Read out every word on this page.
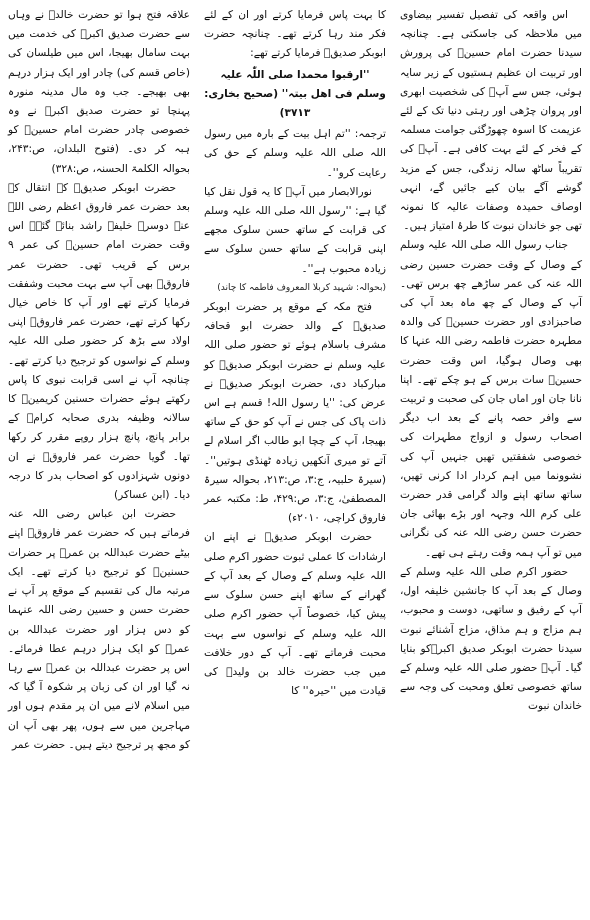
اس واقعہ کی تفصیل تفسیر بیضاوی میں ملاحظہ کی جاسکتی ہے۔ چنانچہ سیدنا حضرت امام حسینؓ کی پرورش اور تربیت ان عظیم ہستیوں کے زیر سایہ ہوئی، جس سے آپؓ کی شخصیت ابھری اور پروان چڑھی اور رہتی دنیا تک کے لئے عزیمت کا اسوہ چھوڑگئی جوامت مسلمہ کے فخر کے لئے بہت کافی ہے۔ آپؓ کی تقریباً ساٹھ سالہ زندگی، جس کے مزید گوشے آگے بیان کیے جائیں گے، انہی اوصاف حمیدہ وصفات عالیہ کا نمونہ تھی جو خاندان نبوت کا طرۂ امتیاز ہیں۔

جناب رسول اللہ صلی اللہ علیہ وسلم کے وصال کے وقت حضرت حسین رضی اللہ عنہ کی عمر ساڑھے چھ برس تھی۔ آپ کے وصال کے چھ ماہ بعد آپ کی صاحبزادی اور حضرت حسینؓ کی والدہ مطہرہ حضرت فاطمہ رضی اللہ عنہا کا بھی وصال ہوگیا، اس وقت حضرت حسینؓ سات برس کے ہو چکے تھے۔ اپنا نانا جان اور اماں جان کی صحبت و تربیت سے وافر حصہ پانے کے بعد اب دیگر اصحاب رسول و ازواج مطہرات کی خصوصی شفقتیں تھیں جنہیں آپ کی نشوونما میں اہم کردار ادا کرنی تھیں، ساتھ ساتھ اپنے والد گرامی قدر حضرت علی کرم اللہ وجہہ اور بڑے بھائی جان حضرت حسن رضی اللہ عنہ کی نگرانی میں تو آپ ہمہ وقت رہتے ہی تھے۔

حضور اکرم صلی اللہ علیہ وسلم کے وصال کے بعد آپ کا جانشین خلیفہ اول، آپ کے رفیق و ساتھی، دوست و محبوب، ہم مزاج و ہم مذاق، مزاج آشنائے نبوت سیدنا حضرت ابوبکر صدیق اکبرؓکو بنایا گیا۔ آپؓ حضور صلی اللہ علیہ وسلم کے ساتھ خصوصی تعلق ومحبت کی وجہ سے خاندان نبوت

کا بہت پاس فرمایا کرتے اور ان کے لئے فکر مند رہا کرتے تھے۔ چنانچہ حضرت ابوبکر صدیقؓ فرمایا کرتے تھے:

''ارقبوا محمدا صلی اللّٰہ علیہ وسلم فی اھل بیتہ'' (صحیح بخاری: ۳۷۱۳)

ترجمہ: ''تم اہل بیت کے بارہ میں رسول اللہ صلی اللہ علیہ وسلم کے حق کی رعایت کرو''۔

نورالابصار میں آپؓ کا یہ قول نقل کیا گیا ہے: ''رسول اللہ صلی اللہ علیہ وسلم کی قرابت کے ساتھ حسن سلوک مجھے اپنی قرابت کے ساتھ حسن سلوک سے زیادہ محبوب ہے''۔

(بحوالہ: شہید کربلا المعروف فاطمہ کا چاند)

فتح مکہ کے موقع پر حضرت ابوبکر صدیقؓ کے والد حضرت ابو قحافہ مشرف باسلام ہوئے تو حضور صلی اللہ علیہ وسلم نے حضرت ابوبکر صدیقؓ کو مبارکباد دی، حضرت ابوبکر صدیقؓ نے عرض کی: ''یا رسول اللہ! قسم ہے اس ذات پاک کی جس نے آپ کو حق کے ساتھ بھیجا، آپ کے چچا ابو طالب اگر اسلام لے آتے تو میری آنکھیں زیادہ ٹھنڈی ہوتیں''۔ (سیرۃ حلبیہ، ج:۳، ص:۲۱۳، بحوالہ سیرۃ المصطفیٰ، ج:۳، ص:۴۲۹، ط: مکتبہ عمر فاروق کراچی، ۲۰۱۰ء)

حضرت ابوبکر صدیقؓ نے اپنے ان ارشادات کا عملی ثبوت حضور اکرم صلی اللہ علیہ وسلم کے وصال کے بعد آپ کے گھرانے کے ساتھ اپنے حسن سلوک سے پیش کیا، خصوصاً آپ حضور اکرم صلی اللہ علیہ وسلم کے نواسوں سے بہت محبت فرماتے تھے۔ آپ کے دور خلافت میں جب حضرت خالد بن ولیدؓ کی قیادت میں ''حیرہ'' کا

علاقہ فتح ہوا تو حضرت خالدؓ نے وہاں سے حضرت صدیق اکبرؓ کی خدمت میں بہت سامال بھیجا، اس میں طیلسان کی (خاص قسم کی) چادر اور ایک ہزار درہم بھی بھیجے۔ جب وہ مال مدینہ منورہ پہنچا تو حضرت صدیق اکبرؓ نے وہ خصوصی چادر حضرت امام حسینؓ کو ہبہ کر دی۔ (فتوح البلدان، ص:۲۴۳، بحوالہ الکلمۃ الحسنہ، ص:۳۲۸)

حضرت ابوبکر صدیقؓ کے انتقال کے بعد حضرت عمر فاروق اعظم رضی اللہ عنہ دوسرے خلیفہ راشد بنائے گئے۔ اس وقت حضرت امام حسینؓ کی عمر ۹ برس کے قریب تھی۔ حضرت عمر فاروقؓ بھی آپ سے بہت محبت وشفقت فرمایا کرتے تھے اور آپ کا خاص خیال رکھا کرتے تھے، حضرت عمر فاروقؓ اپنی اولاد سے بڑھ کر حضور صلی اللہ علیہ وسلم کے نواسوں کو ترجیح دیا کرتے تھے۔ چنانچہ آپ نے اسی قرابت نبوی کا پاس رکھتے ہوئے حضرات حسنین کریمینؓ کا سالانہ وظیفہ بدری صحابہ کرامؓ کے برابر پانچ، پانچ ہزار روپے مقرر کر رکھا تھا۔ گویا حضرت عمر فاروقؓ نے ان دونوں شہزادوں کو اصحاب بدر کا درجہ دیا۔ (ابن عساکر)

حضرت ابن عباس رضی اللہ عنہ فرماتے ہیں کہ حضرت عمر فاروقؓ اپنے بیٹے حضرت عبداللہ بن عمرؓ پر حضرات حسنینؓ کو ترجیح دیا کرتے تھے۔ ایک مرتبہ مال کی تقسیم کے موقع پر آپ نے حضرت حسن و حسین رضی اللہ عنہما کو دس ہزار اور حضرت عبداللہ بن عمرؓ کو ایک ہزار درہم عطا فرمائے۔ اس پر حضرت عبداللہ بن عمرؓ سے رہا نہ گیا اور ان کی زبان پر شکوہ آ گیا کہ میں اسلام لانے میں ان پر مقدم ہوں اور مہاجرین میں سے ہوں، پھر بھی آپ ان کو مجھ پر ترجیح دیتے ہیں۔ حضرت عمر
